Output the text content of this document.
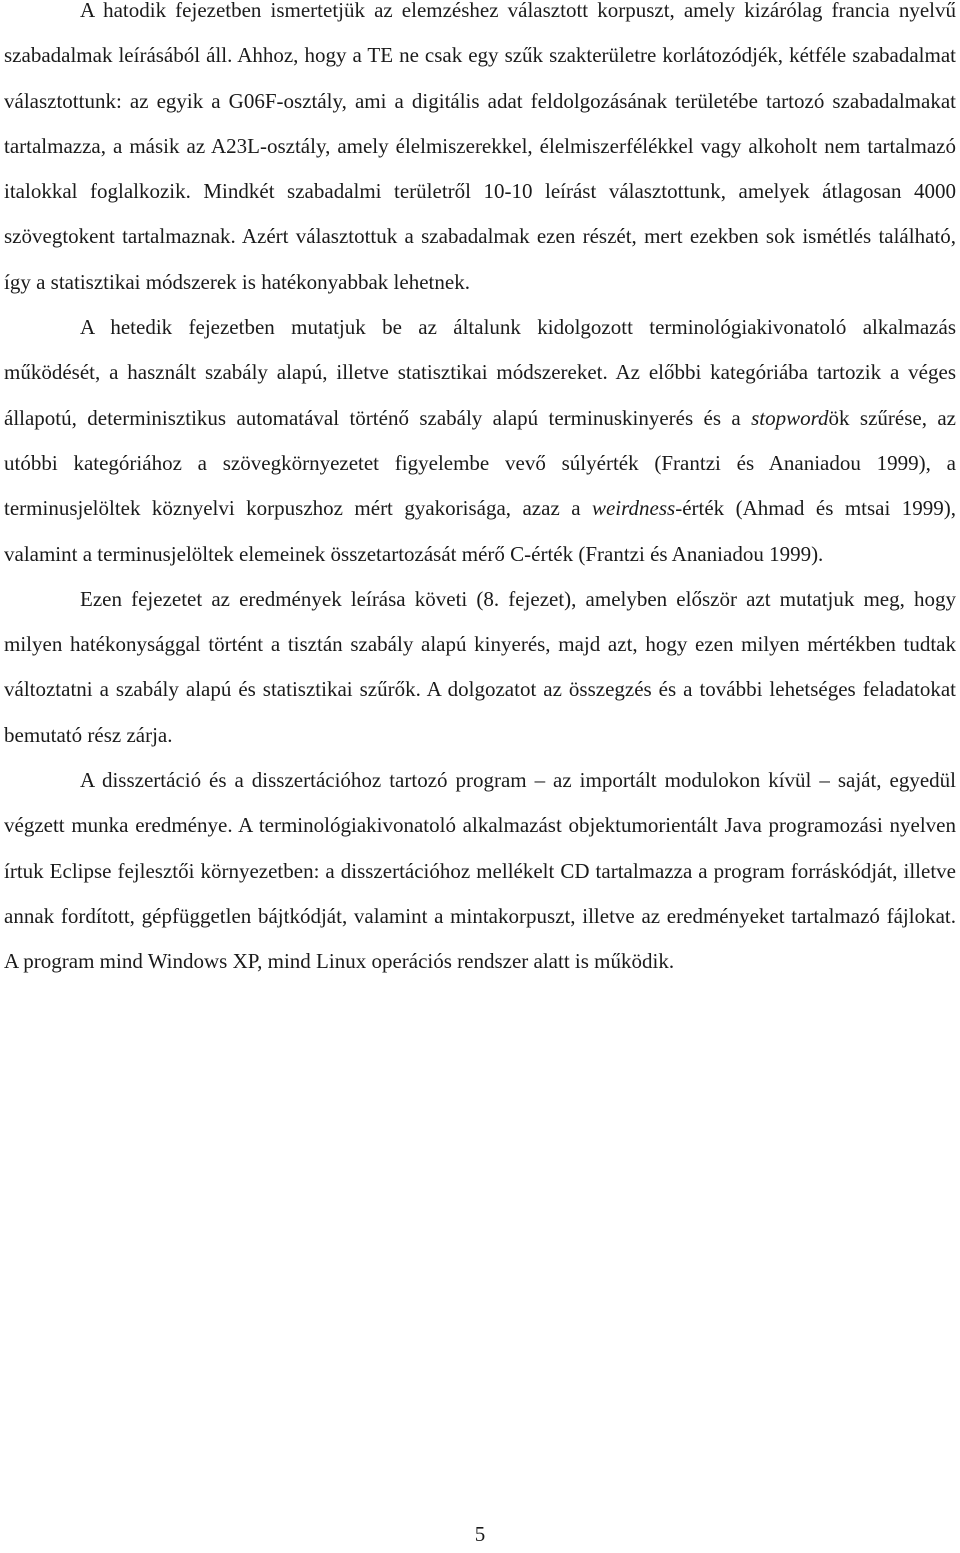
A hatodik fejezetben ismertetjük az elemzéshez választott korpuszt, amely kizárólag francia nyelvű szabadalmak leírásából áll. Ahhoz, hogy a TE ne csak egy szűk szakterületre korlátozódjék, kétféle szabadalmat választottunk: az egyik a G06F-osztály, ami a digitális adat feldolgozásának területébe tartozó szabadalmakat tartalmazza, a másik az A23L-osztály, amely élelmiszerekkel, élelmiszerfélékkel vagy alkoholt nem tartalmazó italokkal foglalkozik. Mindkét szabadalmi területről 10-10 leírást választottunk, amelyek átlagosan 4000 szövegtokent tartalmaznak. Azért választottuk a szabadalmak ezen részét, mert ezekben sok ismétlés található, így a statisztikai módszerek is hatékonyabbak lehetnek.

A hetedik fejezetben mutatjuk be az általunk kidolgozott terminológiakivonatoló alkalmazás működését, a használt szabály alapú, illetve statisztikai módszereket. Az előbbi kategóriába tartozik a véges állapotú, determinisztikus automatával történő szabály alapú terminuskinyerés és a stopwordök szűrése, az utóbbi kategóriához a szövegkörnyezetet figyelembe vevő súlyérték (Frantzi és Ananiadou 1999), a terminusjelöltek köznyelvi korpuszhoz mért gyakorisága, azaz a weirdness-érték (Ahmad és mtsai 1999), valamint a terminusjelöltek elemeinek összetartozását mérő C-érték (Frantzi és Ananiadou 1999).

Ezen fejezetet az eredmények leírása követi (8. fejezet), amelyben először azt mutatjuk meg, hogy milyen hatékonysággal történt a tisztán szabály alapú kinyerés, majd azt, hogy ezen milyen mértékben tudtak változtatni a szabály alapú és statisztikai szűrők. A dolgozatot az összegzés és a további lehetséges feladatokat bemutató rész zárja.

A disszertáció és a disszertációhoz tartozó program – az importált modulokon kívül – saját, egyedül végzett munka eredménye. A terminológiakivonatoló alkalmazást objektumorientált Java programozási nyelven írtuk Eclipse fejlesztői környezetben: a disszertációhoz mellékelt CD tartalmazza a program forráskódját, illetve annak fordított, gépfüggetlen bájtkódját, valamint a mintakorpuszt, illetve az eredményeket tartalmazó fájlokat. A program mind Windows XP, mind Linux operációs rendszer alatt is működik.

5
